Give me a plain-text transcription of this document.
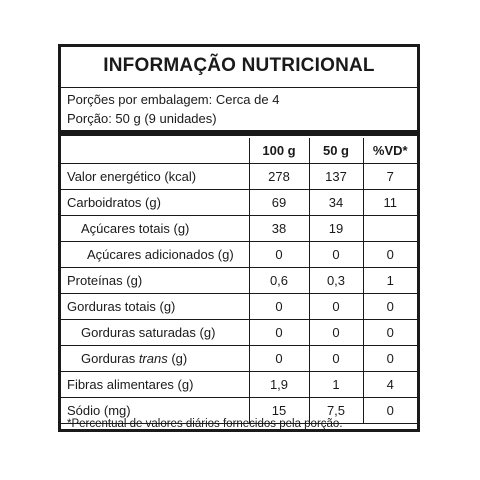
INFORMAÇÃO NUTRICIONAL
Porções por embalagem: Cerca de 4
Porção: 50 g (9 unidades)
	100 g	50 g	%VD*
Valor energético (kcal)	278	137	7
Carboidratos (g)	69	34	11
Açúcares totais (g)	38	19	
Açúcares adicionados (g)	0	0	0
Proteínas (g)	0,6	0,3	1
Gorduras totais (g)	0	0	0
Gorduras saturadas (g)	0	0	0
Gorduras trans (g)	0	0	0
Fibras alimentares (g)	1,9	1	4
Sódio (mg)	15	7,5	0
*Percentual de valores diários fornecidos pela porção.
